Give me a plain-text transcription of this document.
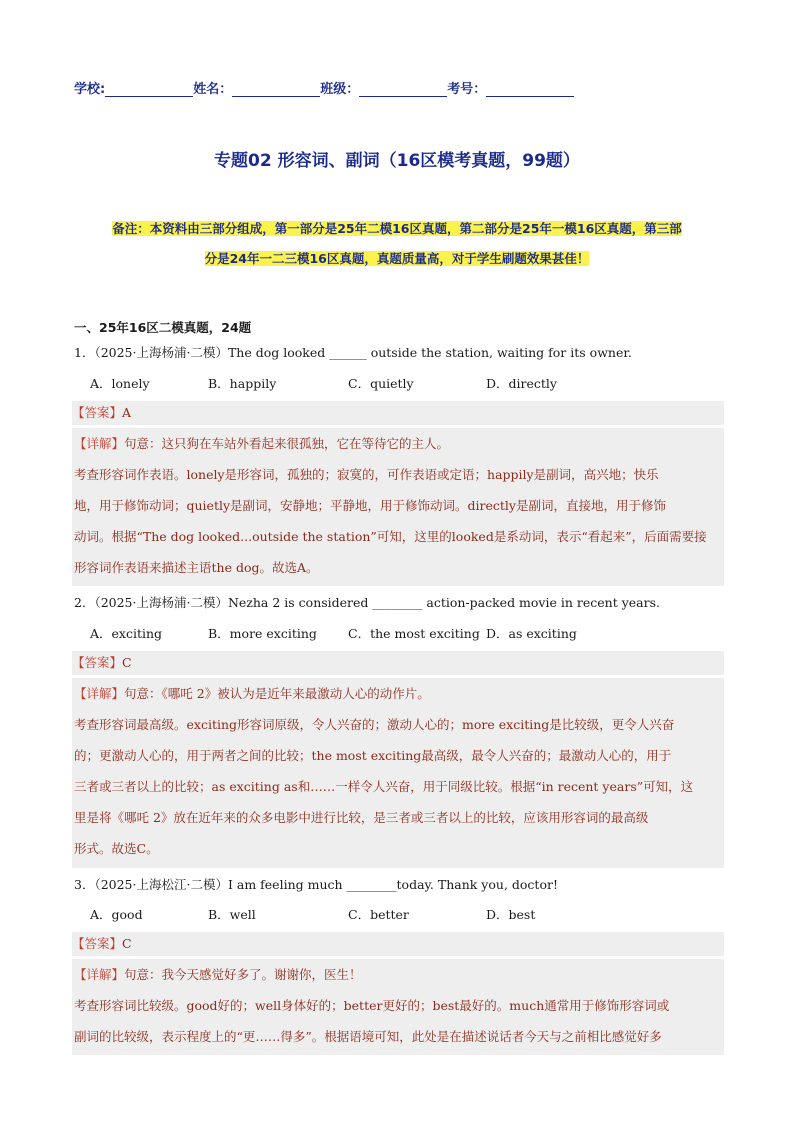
学校:	姓名：	班级：	考号：
专题02 形容词、副词（16区模考真题，99题）
备注：本资料由三部分组成，第一部分是25年二模16区真题，第二部分是25年一模16区真题，第三部
分是24年一二三模16区真题，真题质量高，对于学生刷题效果甚佳！
一、25年16区二模真题，24题
1．（2025·上海杨浦·二模）The dog looked ______ outside the station, waiting for its owner.
A．lonely	B．happily	C．quietly	D．directly
【答案】A

【详解】句意：这只狗在车站外看起来很孤独，它在等待它的主人。

考查形容词作表语。lonely是形容词，孤独的；寂寞的，可作表语或定语；happily是副词，高兴地；快乐

地，用于修饰动词；quietly是副词，安静地；平静地，用于修饰动词。directly是副词，直接地，用于修饰

动词。根据“The dog looked...outside the station”可知，这里的looked是系动词，表示“看起来”，后面需要接

形容词作表语来描述主语the dog。故选A。

2．（2025·上海杨浦·二模）Nezha 2 is considered ________ action-packed movie in recent years.
A．exciting	B．more exciting C．the most exciting D．as exciting
【答案】C

【详解】句意：《哪吒 2》被认为是近年来最激动人心的动作片。

考查形容词最高级。exciting形容词原级，令人兴奋的；激动人心的；more exciting是比较级，更令人兴奋

的；更激动人心的，用于两者之间的比较；the most exciting最高级，最令人兴奋的；最激动人心的，用于

三者或三者以上的比较；as exciting as和……一样令人兴奋，用于同级比较。根据“in recent years”可知，这

里是将《哪吒 2》放在近年来的众多电影中进行比较，是三者或三者以上的比较，应该用形容词的最高级

形式。故选C。

3．（2025·上海松江·二模）I am feeling much ________today. Thank you, doctor!
A．good	B．well	C．better	D．best
【答案】C

【详解】句意：我今天感觉好多了。谢谢你，医生！

考查形容词比较级。good好的；well身体好的；better更好的；best最好的。much通常用于修饰形容词或

副词的比较级，表示程度上的“更……得多”。根据语境可知，此处是在描述说话者今天与之前相比感觉好多
